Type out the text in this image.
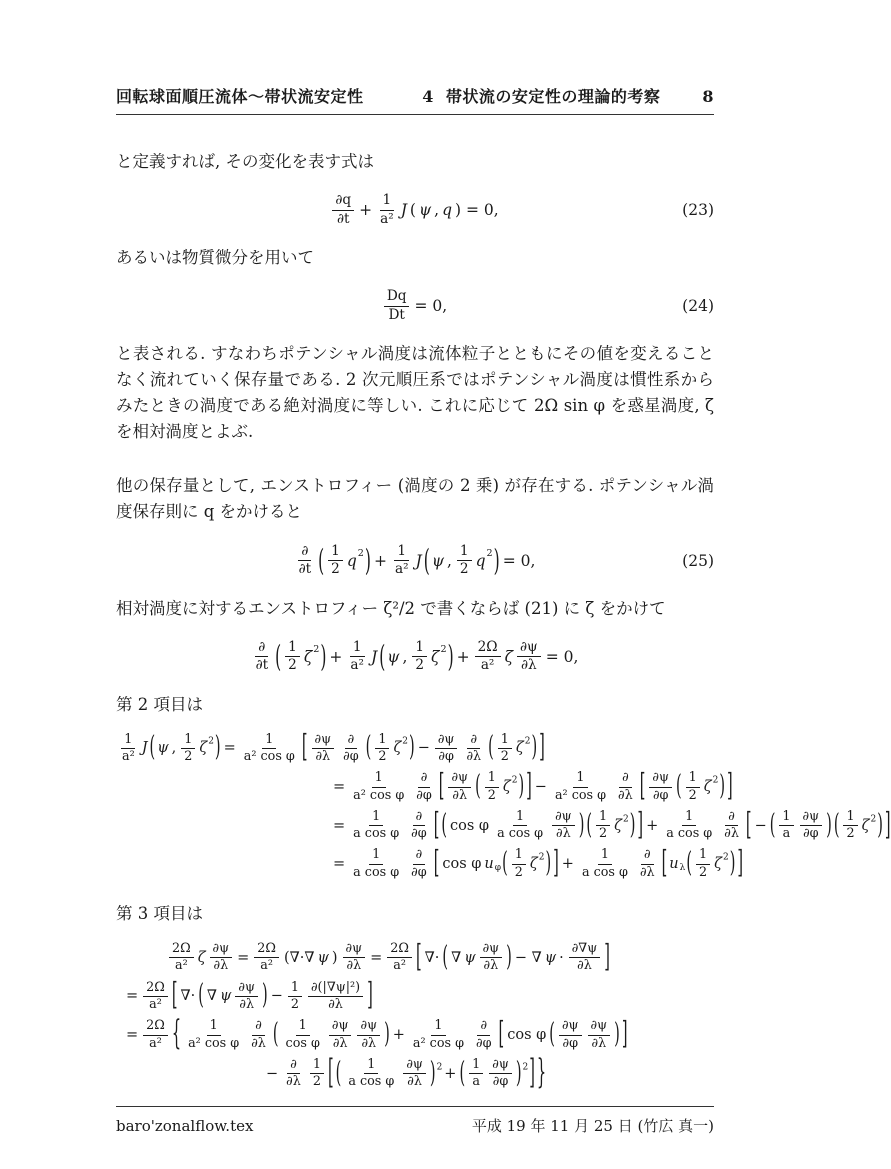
回転球面順圧流体〜帯状流安定性	4 帯状流の安定性の理論的考察	8

と定義すれば, その変化を表す式は

∂q
$\partial t + \frac{1}{\text{a²}}$ J ( ψ , q ) = 0,	(23)

あるいは物質微分を用いて

$\frac{Dq}{Dt} = 0$,	(24)

と表される. すなわちポテンシャル渦度は流体粒子とともにその値を変えることなく流れていく保存量である. 2 次元順圧系ではポテンシャル渦度は慣性系からみたときの渦度である絶対渦度に等しい. これに応じて 2Ω sin φ を惑星渦度, ζ を相対渦度とよぶ.

他の保存量として, エンストロフィー (渦度の 2 乗) が存在する. ポテンシャル渦度保存則に q をかけると

∂
∂t ( 1
2 q 2 ) + $\frac{1}{\text{a²}}$ J ( ψ ,
1
2 q 2 ) = 0,	(25)

相対渦度に対するエンストロフィー ζ²/2 で書くならば (21) に ζ をかけて

∂
∂t ( 1
2 ζ 2 ) + $\frac{1}{\text{a²}}$ J ( ψ ,
1
2 ζ 2 ) + $\frac{2\Omega}{\text{a²}}$ ζ $\frac{\partial\psi}{\partial\lambda} = 0$,

第 2 項目は

1
a² J ( ψ ,
1
2 ζ 2 ) = $\frac{1}{\text{a² cos φ}}$ [ ∂ψ
∂λ
∂
∂φ ( 1
2 ζ 2 ) − $\frac{\partial\psi}{\partial\varphi}$ ∂
∂λ ( 1
2 ζ 2 ) ]
= $\frac{1}{\text{a² cos φ}}$ ∂
∂φ [ ∂ψ
∂λ ( 1
2 ζ 2 ) ] − $\frac{1}{\text{a² cos φ}}$ ∂
∂λ [ ∂ψ
∂φ ( 1
2 ζ 2 ) ]
= $\frac{1}{\text{a cos φ}}$ ∂
∂φ [ ( cos φ
1
a cos φ
∂ψ
∂λ ) ( 1
2 ζ 2 ) ] + $\frac{1}{\text{a cos φ}}$ ∂
∂λ [ − ( 1
a
∂ψ
∂φ ) ( 1
2 ζ 2 ) ]
= $\frac{1}{\text{a cos φ}}$ ∂
∂φ [ cos φ u φ ( 1
2 ζ 2 ) ] + $\frac{1}{\text{a cos φ}}$ ∂
∂λ [ u λ ( 1
2 ζ 2 ) ]

第 3 項目は

2Ω
a² ζ $\frac{\partial\psi}{\partial\lambda} = \frac{2\Omega}{\text{a²}}$ (∇·∇ ψ ) $\frac{\partial\psi}{\partial\lambda} = \frac{2\Omega}{\text{a²}}$ [ ∇· ( ∇ ψ
∂ψ
∂λ ) − ∇ ψ ·
∂∇ψ
∂λ ]
= $\frac{2\Omega}{\text{a²}}$ [ ∇· ( ∇ ψ
∂ψ
∂λ ) − $\frac{1}{2} \partial(|\nabla\psi|^2)$
∂λ ]
= $\frac{2\Omega}{\text{a²}}$ { 1
a² cos φ
∂
∂λ ( 1
cos φ
∂ψ
∂λ
∂ψ
∂λ ) + $\frac{1}{\text{a² cos φ}}$ ∂
∂φ [ cos φ ( ∂ψ
∂φ
∂ψ
∂λ ) ]
−
∂
∂λ
1
2 [ ( 1
a cos φ
∂ψ
∂λ ) 2 + ( 1
a
∂ψ
∂φ ) 2 ] }
baro'zonalflow.tex	平成 19 年 11 月 25 日 (竹広 真一)
